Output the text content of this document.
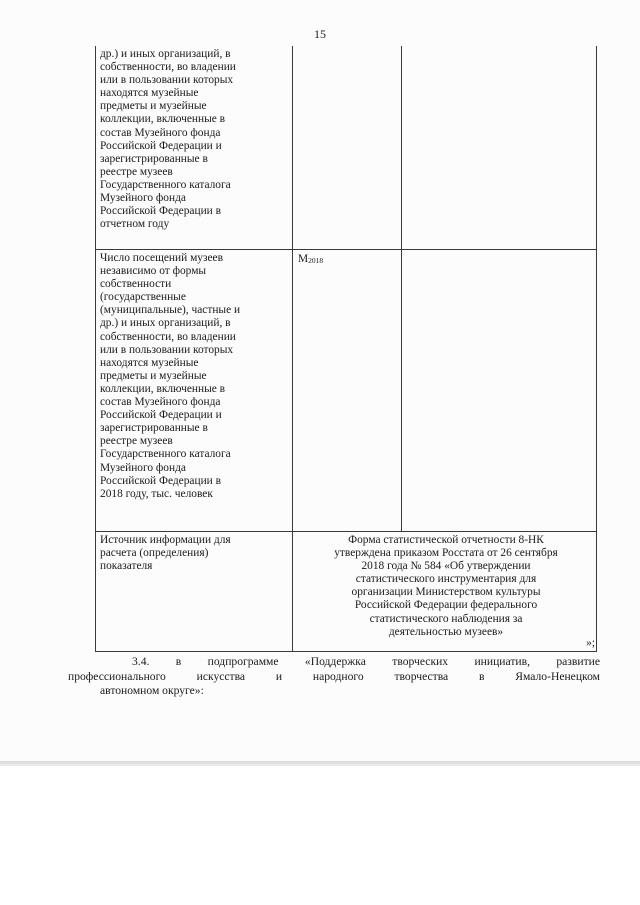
15
др.) и иных организаций, в
собственности, во владении
или в пользовании которых
находятся музейные
предметы и музейные
коллекции, включенные в
состав Музейного фонда
Российской Федерации и
зарегистрированные в
реестре музеев
Государственного каталога
Музейного фонда
Российской Федерации в
отчетном году
Число посещений музеев
независимо от формы
собственности
(государственные
(муниципальные), частные и
др.) и иных организаций, в
собственности, во владении
или в пользовании которых
находятся музейные
предметы и музейные
коллекции, включенные в
состав Музейного фонда
Российской Федерации и
зарегистрированные в
реестре музеев
Государственного каталога
Музейного фонда
Российской Федерации в
2018 году, тыс. человек
M2018
Источник информации для
расчета (определения)
показателя
Форма статистической отчетности 8-НК
утверждена приказом Росстата от 26 сентября
2018 года № 584 «Об утверждении
статистического инструментария для
организации Министерством культуры
Российской Федерации федерального
статистического наблюдения за
деятельностью музеев»
»;
3.4. в подпрограмме «Поддержка творческих инициатив, развитие
профессионального искусства и народного творчества в Ямало-Ненецком
автономном округе»:
